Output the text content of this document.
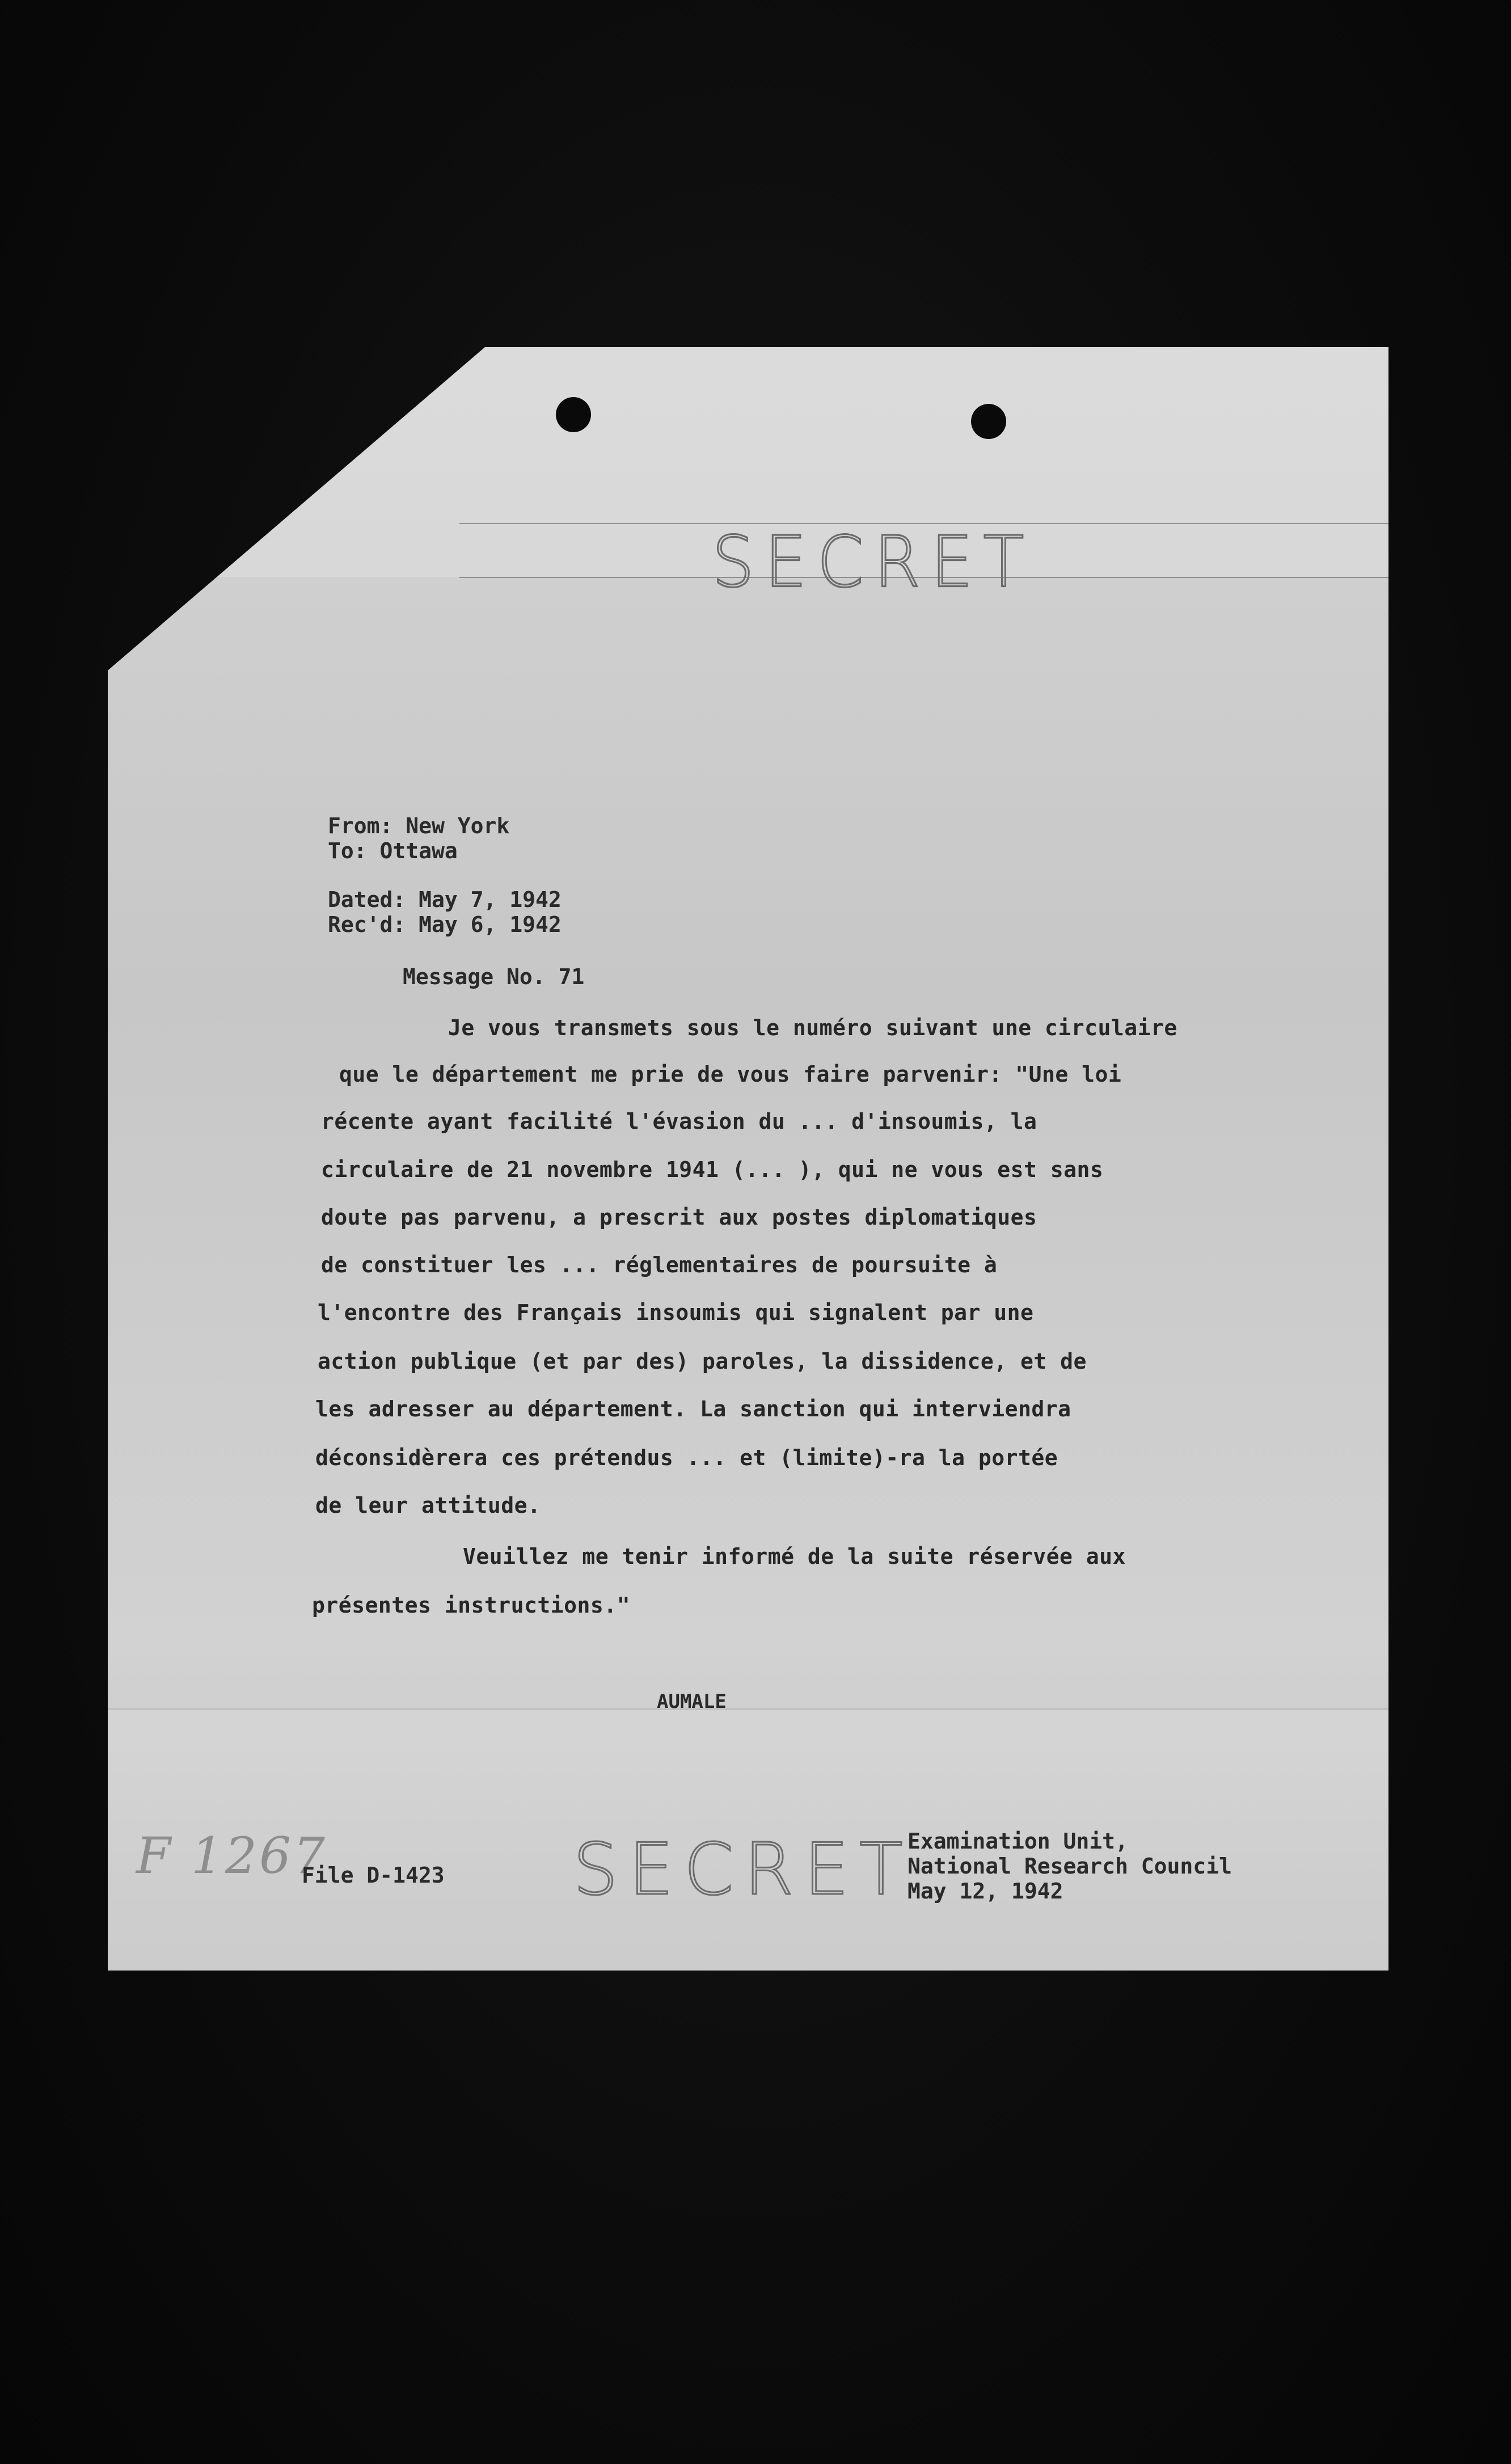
SECRET
From: New York
To: Ottawa
Dated: May 7, 1942
Rec'd: May 6, 1942
Message No. 71
Je vous transmets sous le numéro suivant une circulaire
que le département me prie de vous faire parvenir: "Une loi
récente ayant facilité l'évasion du ... d'insoumis, la
circulaire de 21 novembre 1941 (... ), qui ne vous est sans
doute pas parvenu, a prescrit aux postes diplomatiques
de constituer les ... réglementaires de poursuite à
l'encontre des Français insoumis qui signalent par une
action publique (et par des) paroles, la dissidence, et de
les adresser au département. La sanction qui interviendra
déconsidèrera ces prétendus ... et (limite)-ra la portée
de leur attitude.
Veuillez me tenir informé de la suite réservée aux
présentes instructions."
AUMALE
F 1267
File D-1423 SECRET
Examination Unit,
National Research Council
May 12, 1942
